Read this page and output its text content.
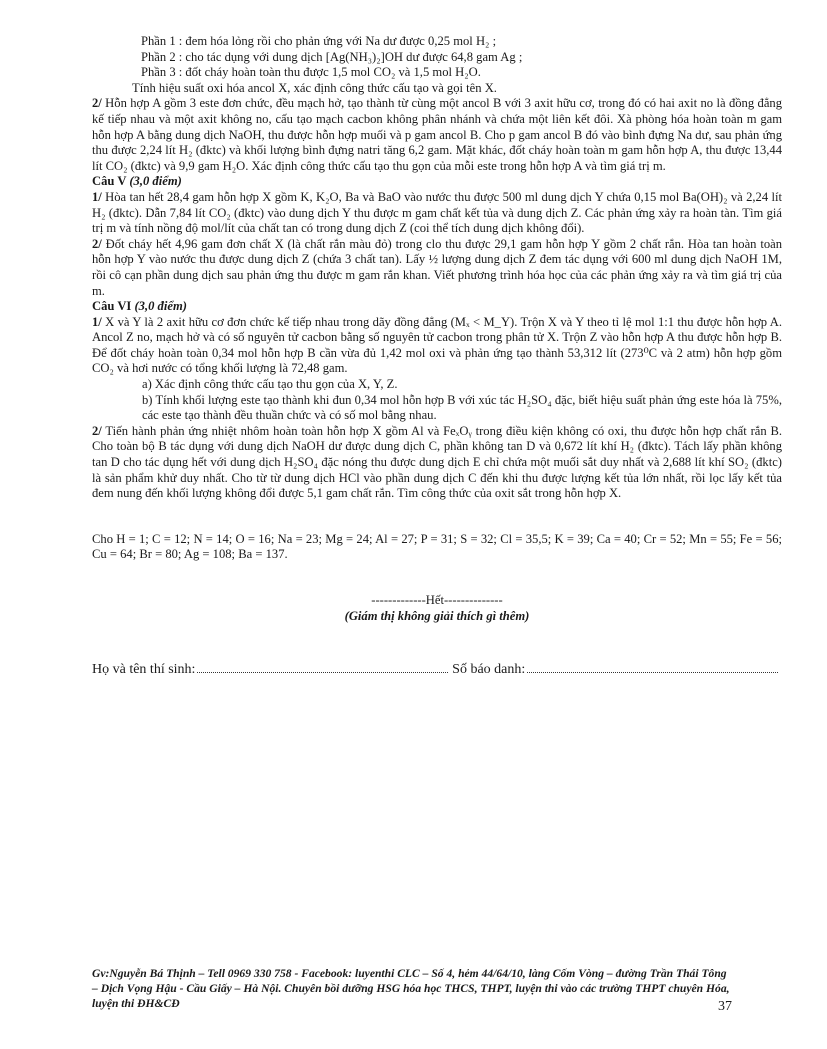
Phần 1 : đem hóa lỏng rồi cho phản ứng với Na dư được 0,25 mol H₂ ;

Phần 2 : cho tác dụng với dung dịch [Ag(NH₃)₂]OH dư được 64,8 gam Ag ;

Phần 3 : đốt cháy hoàn toàn thu được 1,5 mol CO₂ và 1,5 mol H₂O.

Tính hiệu suất oxi hóa ancol X, xác định công thức cấu tạo và gọi tên X.

2/ Hỗn hợp A gồm 3 este đơn chức, đều mạch hở, tạo thành từ cùng một ancol B với 3 axit hữu cơ, trong đó có hai axit no là đồng đẳng kế tiếp nhau và một axit không no, cấu tạo mạch cacbon không phân nhánh và chứa một liên kết đôi. Xà phòng hóa hoàn toàn m gam hỗn hợp A bằng dung dịch NaOH, thu được hỗn hợp muối và p gam ancol B. Cho p gam ancol B đó vào bình đựng Na dư, sau phản ứng thu được 2,24 lít H₂ (đktc) và khối lượng bình đựng natri tăng 6,2 gam. Mặt khác, đốt cháy hoàn toàn m gam hỗn hợp A, thu được 13,44 lít CO₂ (đktc) và 9,9 gam H₂O. Xác định công thức cấu tạo thu gọn của mỗi este trong hỗn hợp A và tìm giá trị m.

Câu V (3,0 điểm)

1/ Hòa tan hết 28,4 gam hỗn hợp X gồm K, K₂O, Ba và BaO vào nước thu được 500 ml dung dịch Y chứa 0,15 mol Ba(OH)₂ và 2,24 lít H₂ (đktc). Dẫn 7,84 lít CO₂ (đktc) vào dung dịch Y thu được m gam chất kết tủa và dung dịch Z. Các phản ứng xảy ra hoàn tàn. Tìm giá trị m và tính nồng độ mol/lít của chất tan có trong dung dịch Z (coi thể tích dung dịch không đổi).

2/ Đốt cháy hết 4,96 gam đơn chất X (là chất rắn màu đỏ) trong clo thu được 29,1 gam hỗn hợp Y gồm 2 chất rắn. Hòa tan hoàn toàn hỗn hợp Y vào nước thu được dung dịch Z (chứa 3 chất tan). Lấy ½ lượng dung dịch Z đem tác dụng với 600 ml dung dịch NaOH 1M, rồi cô cạn phần dung dịch sau phản ứng thu được m gam rắn khan. Viết phương trình hóa học của các phản ứng xảy ra và tìm giá trị của m.

Câu VI (3,0 điểm)

1/ X và Y là 2 axit hữu cơ đơn chức kế tiếp nhau trong dãy đồng đẳng (Mₓ < M_Y). Trộn X và Y theo tỉ lệ mol 1:1 thu được hỗn hợp A. Ancol Z no, mạch hở và có số nguyên tử cacbon bằng số nguyên tử cacbon trong phân tử X. Trộn Z vào hỗn hợp A thu được hỗn hợp B. Để đốt cháy hoàn toàn 0,34 mol hỗn hợp B cần vừa đủ 1,42 mol oxi và phản ứng tạo thành 53,312 lít (273⁰C và 2 atm) hỗn hợp gồm CO₂ và hơi nước có tổng khối lượng là 72,48 gam.

a) Xác định công thức cấu tạo thu gọn của X, Y, Z.

b) Tính khối lượng este tạo thành khi đun 0,34 mol hỗn hợp B với xúc tác H₂SO₄ đặc, biết hiệu suất phản ứng este hóa là 75%, các este tạo thành đều thuần chức và có số mol bằng nhau.

2/ Tiến hành phản ứng nhiệt nhôm hoàn toàn hỗn hợp X gồm Al và FeₓOᵧ trong điều kiện không có oxi, thu được hỗn hợp chất rắn B. Cho toàn bộ B tác dụng với dung dịch NaOH dư được dung dịch C, phần không tan D và 0,672 lít khí H₂ (đktc). Tách lấy phần không tan D cho tác dụng hết với dung dịch H₂SO₄ đặc nóng thu được dung dịch E chỉ chứa một muối sắt duy nhất và 2,688 lít khí SO₂ (đktc) là sản phẩm khử duy nhất. Cho từ từ dung dịch HCl vào phần dung dịch C đến khi thu được lượng kết tủa lớn nhất, rồi lọc lấy kết tủa đem nung đến khối lượng không đổi được 5,1 gam chất rắn. Tìm công thức của oxit sắt trong hỗn hợp X.

Cho H = 1; C = 12; N = 14; O = 16; Na = 23; Mg = 24; Al = 27; P = 31; S = 32; Cl = 35,5; K = 39; Ca = 40; Cr = 52; Mn = 55; Fe = 56; Cu = 64; Br = 80; Ag = 108; Ba = 137.

-------------Hết--------------
(Giám thị không giải thích gì thêm)

Họ và tên thí sinh:	Số báo danh:

Gv:Nguyễn Bá Thịnh – Tell 0969 330 758 - Facebook: luyenthi CLC – Số 4, hẻm 44/64/10, làng Cốm Vòng – đường Trần Thái Tông – Dịch Vọng Hậu - Cầu Giấy – Hà Nội. Chuyên bồi dưỡng HSG hóa học THCS, THPT, luyện thi vào các trường THPT chuyên Hóa, luyện thi ĐH&CĐ	37
